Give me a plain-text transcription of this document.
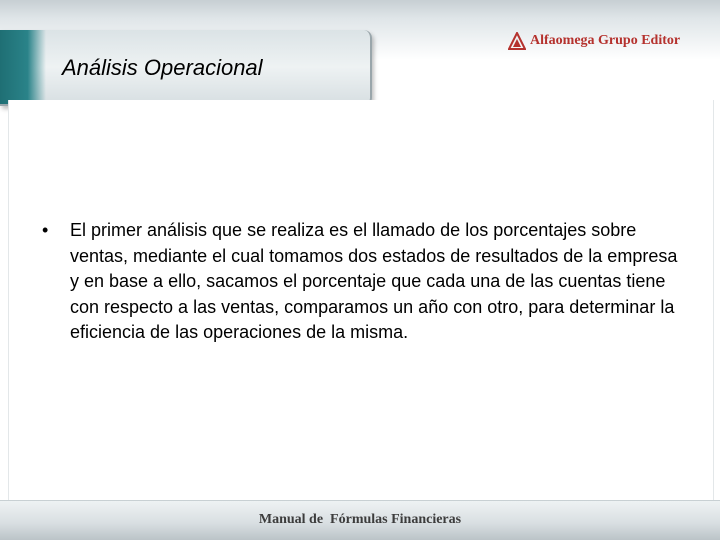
Análisis Operacional
Alfaomega Grupo Editor
•	El primer análisis que se realiza es el llamado de los porcentajes sobre ventas, mediante el cual tomamos dos estados de resultados de la empresa y en base a ello, sacamos el porcentaje que cada una de las cuentas tiene con respecto a las ventas, comparamos un año con otro, para determinar la eficiencia de las operaciones de la misma.
Manual de  Fórmulas Financieras
